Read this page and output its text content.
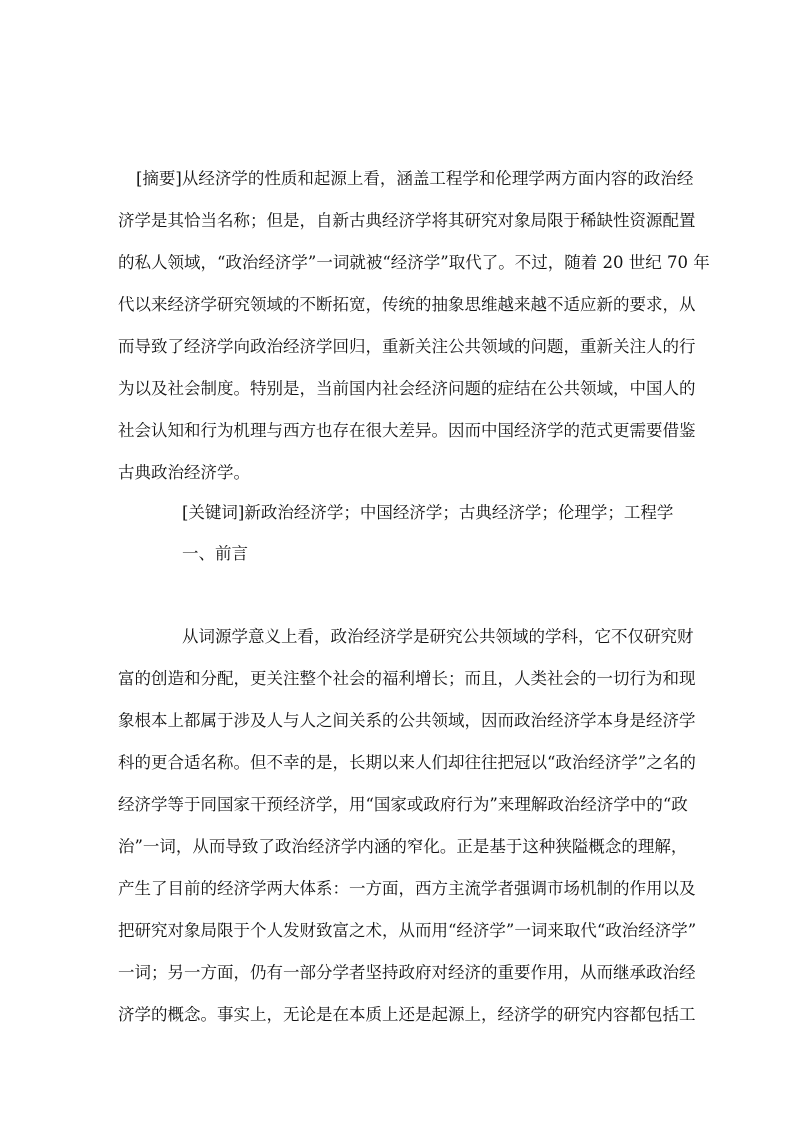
[摘要]从经济学的性质和起源上看，涵盖工程学和伦理学两方面内容的政治经
济学是其恰当名称；但是，自新古典经济学将其研究对象局限于稀缺性资源配置
的私人领域，“政治经济学”一词就被“经济学”取代了。不过，随着 20 世纪 70 年
代以来经济学研究领域的不断拓宽，传统的抽象思维越来越不适应新的要求，从
而导致了经济学向政治经济学回归，重新关注公共领域的问题，重新关注人的行
为以及社会制度。特别是，当前国内社会经济问题的症结在公共领域，中国人的
社会认知和行为机理与西方也存在很大差异。因而中国经济学的范式更需要借鉴
古典政治经济学。
[关键词]新政治经济学；中国经济学；古典经济学；伦理学；工程学
一、前言
从词源学意义上看，政治经济学是研究公共领域的学科，它不仅研究财
富的创造和分配，更关注整个社会的福利增长；而且，人类社会的一切行为和现
象根本上都属于涉及人与人之间关系的公共领域，因而政治经济学本身是经济学
科的更合适名称。但不幸的是，长期以来人们却往往把冠以“政治经济学”之名的
经济学等于同国家干预经济学，用“国家或政府行为”来理解政治经济学中的“政
治”一词，从而导致了政治经济学内涵的窄化。正是基于这种狭隘概念的理解，
产生了目前的经济学两大体系：一方面，西方主流学者强调市场机制的作用以及
把研究对象局限于个人发财致富之术，从而用“经济学”一词来取代“政治经济学”
一词；另一方面，仍有一部分学者坚持政府对经济的重要作用，从而继承政治经
济学的概念。事实上，无论是在本质上还是起源上，经济学的研究内容都包括工
